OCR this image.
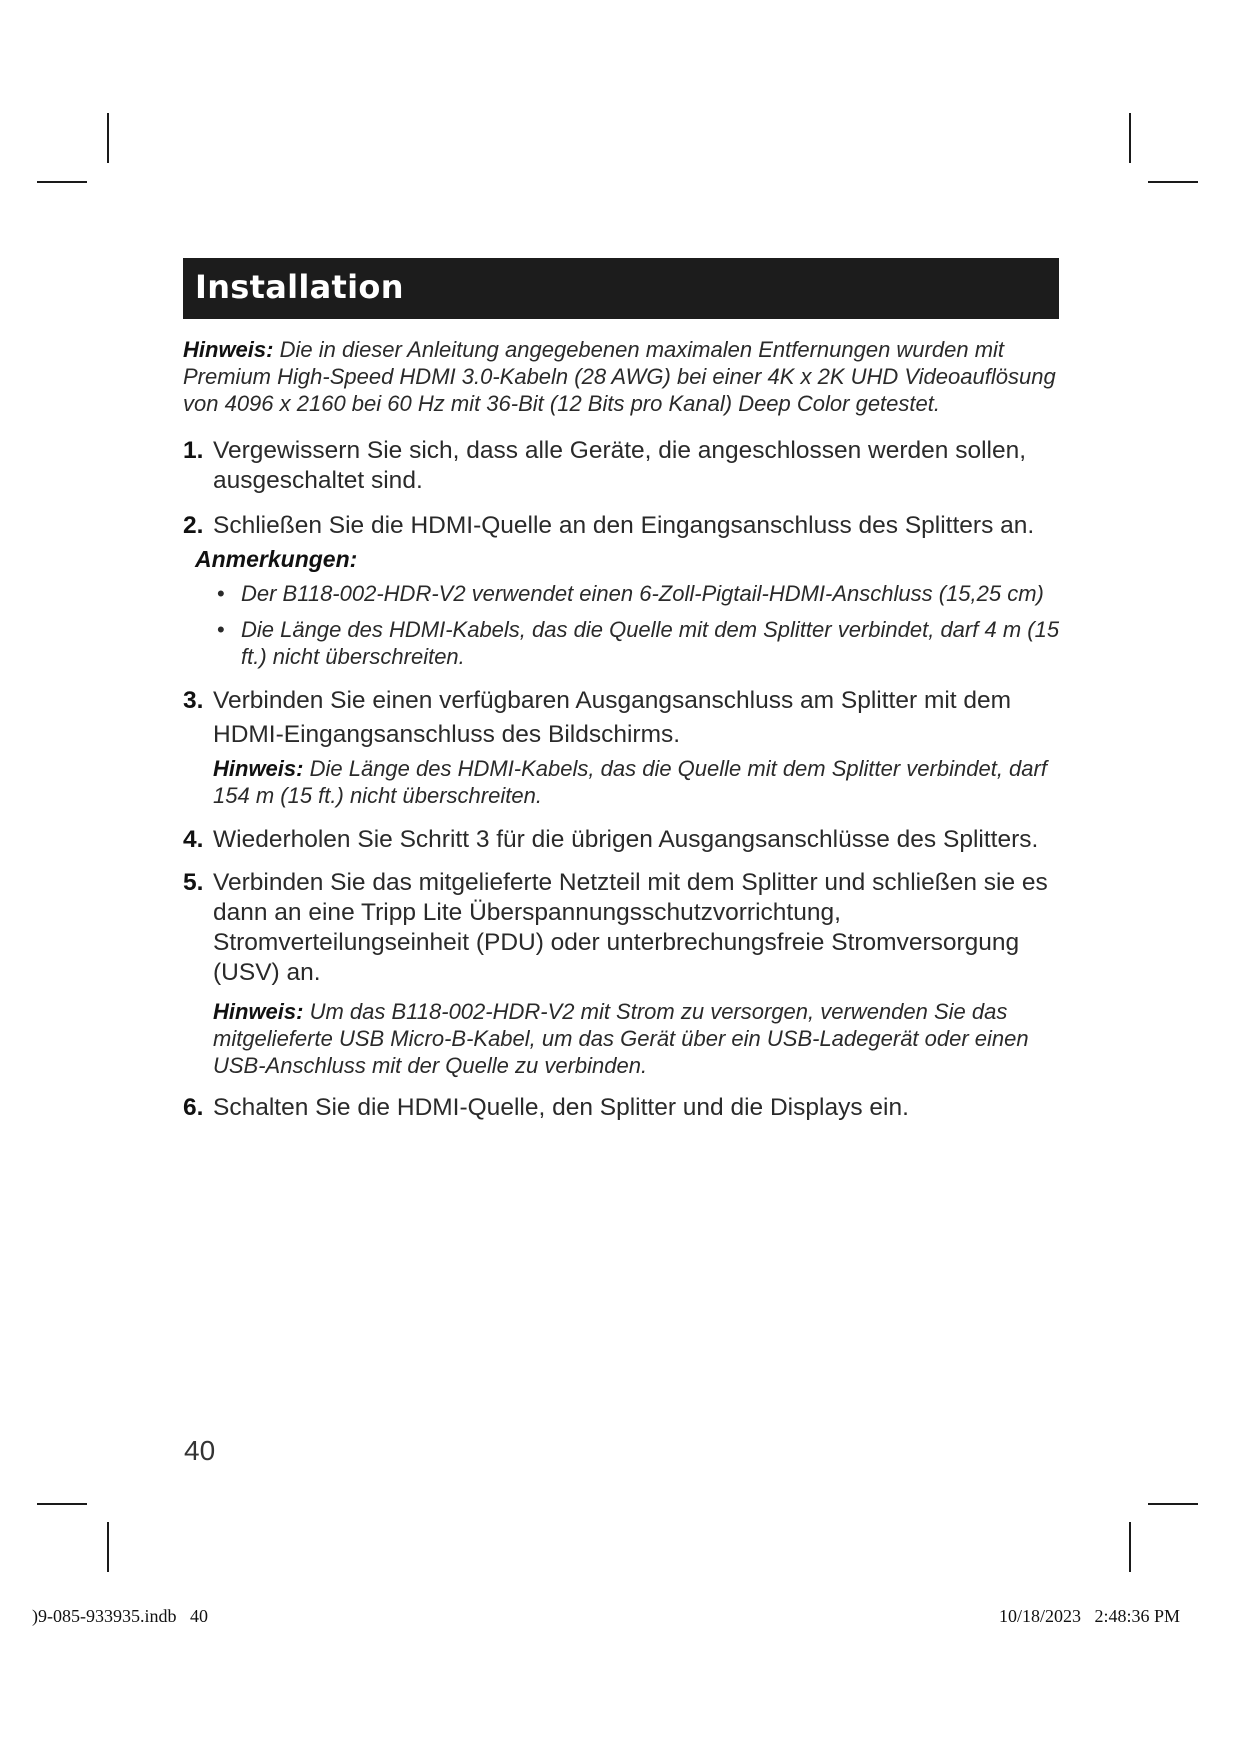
Installation
Hinweis: Die in dieser Anleitung angegebenen maximalen Entfernungen wurden mit Premium High-Speed HDMI 3.0-Kabeln (28 AWG) bei einer 4K x 2K UHD Videoauflösung von 4096 x 2160 bei 60 Hz mit 36-Bit (12 Bits pro Kanal) Deep Color getestet.
1. Vergewissern Sie sich, dass alle Geräte, die angeschlossen werden sollen, ausgeschaltet sind.
2. Schließen Sie die HDMI-Quelle an den Eingangsanschluss des Splitters an.
Anmerkungen:
• Der B118-002-HDR-V2 verwendet einen 6-Zoll-Pigtail-HDMI-Anschluss (15,25 cm)
• Die Länge des HDMI-Kabels, das die Quelle mit dem Splitter verbindet, darf 4 m (15 ft.) nicht überschreiten.
3. Verbinden Sie einen verfügbaren Ausgangsanschluss am Splitter mit dem HDMI-Eingangsanschluss des Bildschirms.
Hinweis: Die Länge des HDMI-Kabels, das die Quelle mit dem Splitter verbindet, darf 154 m (15 ft.) nicht überschreiten.
4. Wiederholen Sie Schritt 3 für die übrigen Ausgangsanschlüsse des Splitters.
5. Verbinden Sie das mitgelieferte Netzteil mit dem Splitter und schließen sie es dann an eine Tripp Lite Überspannungsschutzvorrichtung, Stromverteilungseinheit (PDU) oder unterbrechungsfreie Stromversorgung (USV) an.
Hinweis: Um das B118-002-HDR-V2 mit Strom zu versorgen, verwenden Sie das mitgelieferte USB Micro-B-Kabel, um das Gerät über ein USB-Ladegerät oder einen USB-Anschluss mit der Quelle zu verbinden.
6. Schalten Sie die HDMI-Quelle, den Splitter und die Displays ein.
40
)9-085-933935.indb   40	10/18/2023   2:48:36 PM
